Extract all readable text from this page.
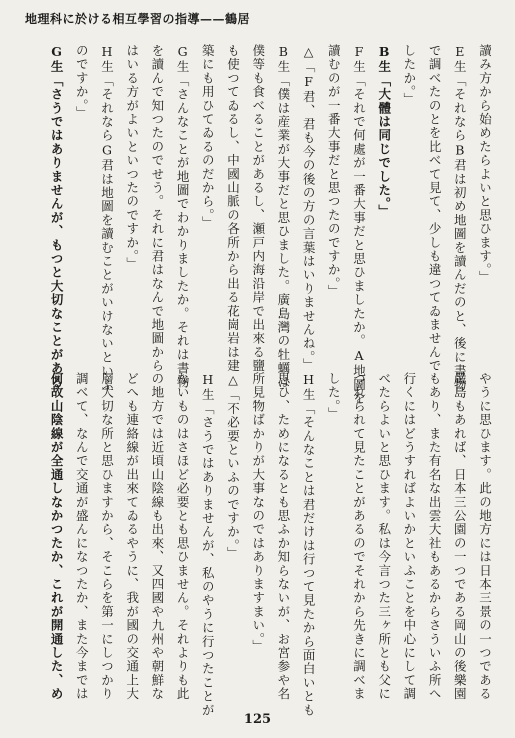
地理科に於ける相互學習の指導——鶴居
讀み方から始めたらよいと思ひます。」
E生「それならB君は初め地圖を讀んだのと、後に書物
で調べたのとを比べて見て、少しも違つてゐませんで
したか。」
B生「大體は同じでした。」
F生「それで何處が一番大事だと思ひましたか。A地圖を
讀むのが一番大事だと思つたのですか。」
△「F君、君も今の後の方の言葉はいりませんね。」
B生「僕は産業が大事だと思ひました。廣島灣の牡蠣は
僕等も食べることがあるし、瀬戸内海沿岸で出來る鹽
も使つてゐるし、中國山脈の各所から出る花崗岩は建
築にも用ひてゐるのだから。」
G生「さんなことが地圖でわかりましたか。それは書物
を讀んで知つたのでせう。それに君はなんで地圖から
はいる方がよいといつたのですか。」
H生「それならG君は地圖を讀むことがいけないといふ
のですか。」
G生「さうではありませんが、もつと大切なことがある
やうに思ひます。此の地方には日本三景の一つである
嚴島もあれば、日本三公園の一つである岡山の後樂園
もあり、また有名な出雲大社もあるからさういふ所へ
行くにはどうすればよいかといふことを中心にして調
べたらよいと思ひます。私は今言つた三ヶ所とも父に
つれられて見たことがあるのでそれから先きに調べま
した。」
H生「そんなことは君だけは行つて見たから面白いとも
思ひ、ためになるとも思ふか知らないが、お宮参や名
所見物ばかりが大事なのではありますまい。」
△「不必要といふのですか。」
H生「さうではありませんが、私のやうに行つたことが
ないものはさほど必要とも思ひません。それよりも此
の地方では近頃山陰線も出來、又四國や九州や朝鮮な
どへも連絡線が出來てゐるやうに、我が國の交通上大
層大切な所と思ひますから、そこらを第一にしつかり
調べて、なんで交通が盛んになつたか、また今までは
何故山陰線が全通しなかつたか、これが開通した、め
125
